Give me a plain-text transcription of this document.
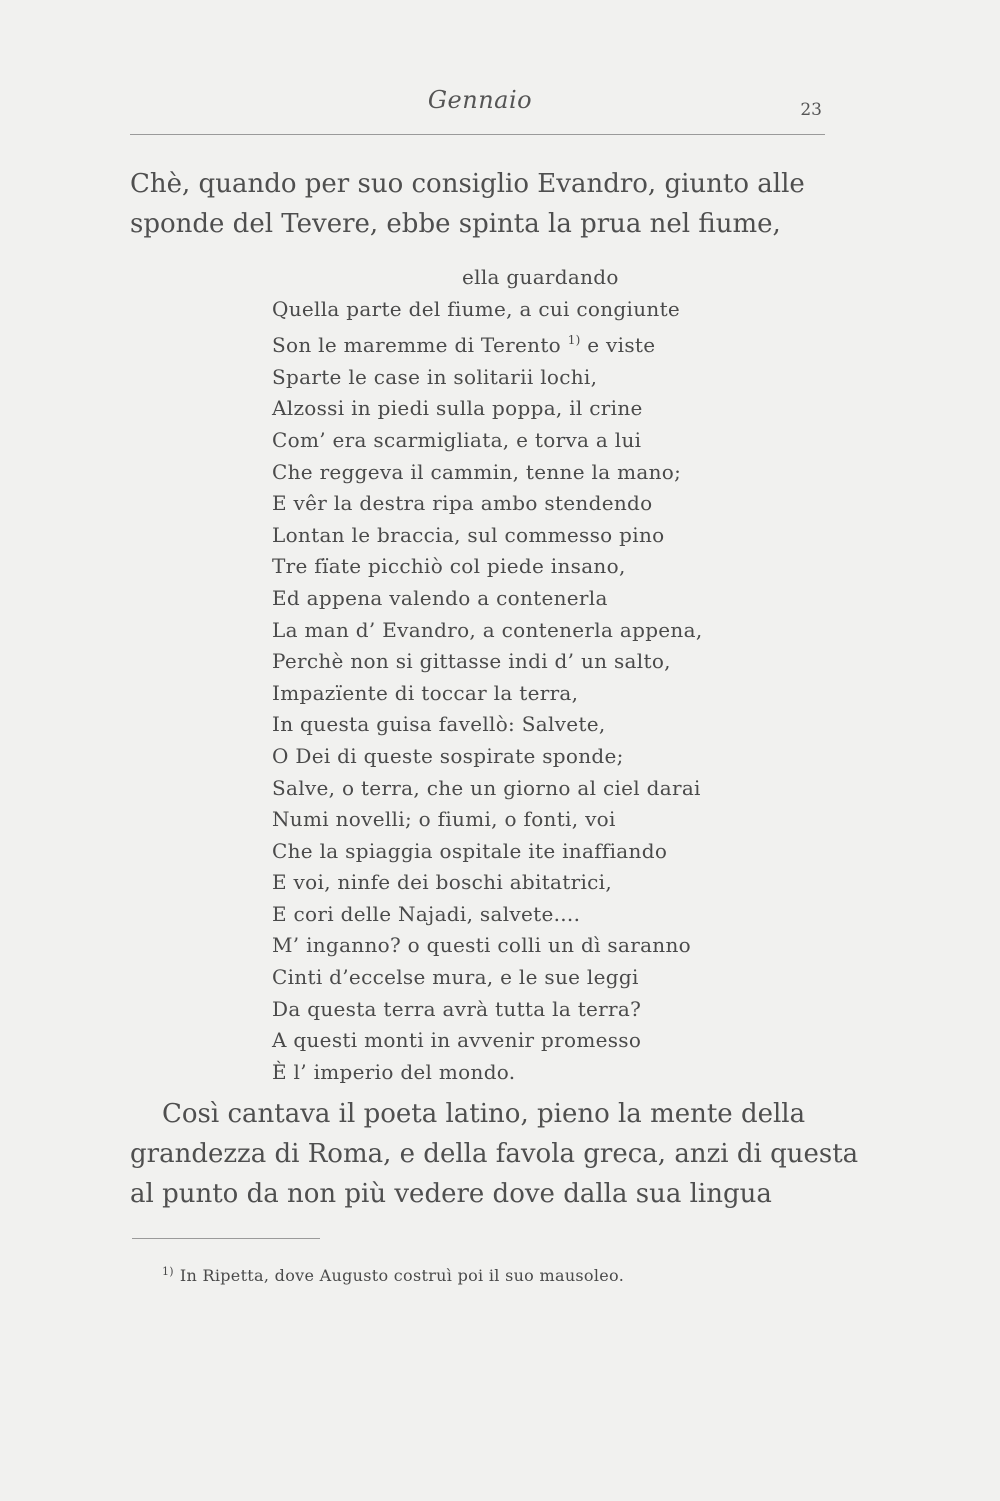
Gennaio	23
Chè, quando per suo consiglio Evandro, giunto alle
sponde del Tevere, ebbe spinta la prua nel fiume,
ella guardando
Quella parte del fiume, a cui congiunte
Son le maremme di Terento $^{1)}$ e viste
Sparte le case in solitarii lochi,
Alzossi in piedi sulla poppa, il crine
Com’ era scarmigliata, e torva a lui
Che reggeva il cammin, tenne la mano;
E vêr la destra ripa ambo stendendo
Lontan le braccia, sul commesso pino
Tre fïate picchiò col piede insano,
Ed appena valendo a contenerla
La man d’ Evandro, a contenerla appena,
Perchè non si gittasse indi d’ un salto,
Impazïente di toccar la terra,
In questa guisa favellò: Salvete,
O Dei di queste sospirate sponde;
Salve, o terra, che un giorno al ciel darai
Numi novelli; o fiumi, o fonti, voi
Che la spiaggia ospitale ite inaffiando
E voi, ninfe dei boschi abitatrici,
E cori delle Najadi, salvete....
M’ inganno? o questi colli un dì saranno
Cinti d’eccelse mura, e le sue leggi
Da questa terra avrà tutta la terra?
A questi monti in avvenir promesso
È l’ imperio del mondo.
Così cantava il poeta latino, pieno la mente della
grandezza di Roma, e della favola greca, anzi di questa
al punto da non più vedere dove dalla sua lingua
$^{1)}$ In Ripetta, dove Augusto costruì poi il suo mausoleo.
